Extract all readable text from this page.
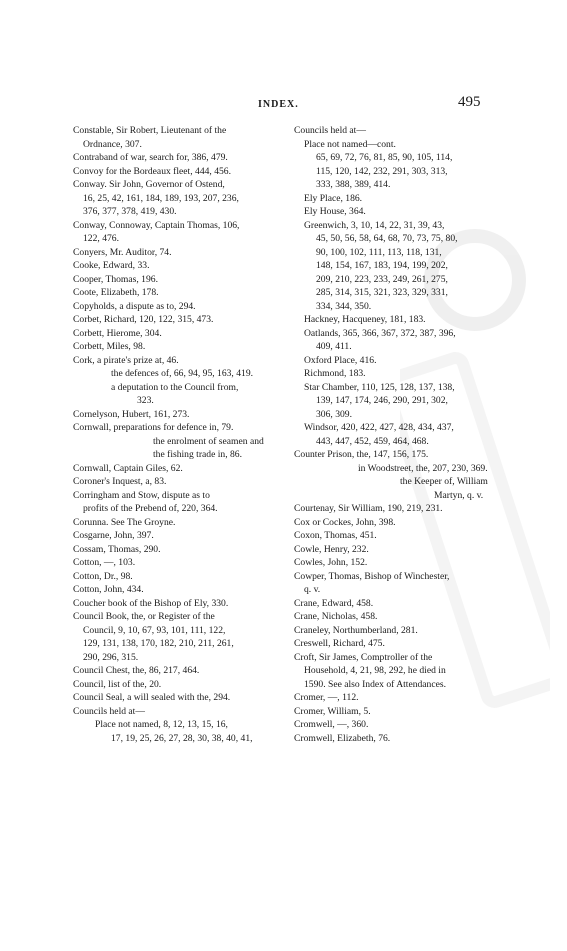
INDEX.	495
Constable, Sir Robert, Lieutenant of the
Ordnance, 307.
Contraband of war, search for, 386, 479.
Convoy for the Bordeaux fleet, 444, 456.
Conway. Sir John, Governor of Ostend,
16, 25, 42, 161, 184, 189, 193, 207, 236,
376, 377, 378, 419, 430.
Conway, Connoway, Captain Thomas, 106,
122, 476.
Conyers, Mr. Auditor, 74.
Cooke, Edward, 33.
Cooper, Thomas, 196.
Coote, Elizabeth, 178.
Copyholds, a dispute as to, 294.
Corbet, Richard, 120, 122, 315, 473.
Corbett, Hierome, 304.
Corbett, Miles, 98.
Cork, a pirate's prize at, 46.
the defences of, 66, 94, 95, 163, 419.
a deputation to the Council from,
323.
Cornelyson, Hubert, 161, 273.
Cornwall, preparations for defence in, 79.
the enrolment of seamen and
the fishing trade in, 86.
Cornwall, Captain Giles, 62.
Coroner's Inquest, a, 83.
Corringham and Stow, dispute as to
profits of the Prebend of, 220, 364.
Corunna. See The Groyne.
Cosgarne, John, 397.
Cossam, Thomas, 290.
Cotton, —, 103.
Cotton, Dr., 98.
Cotton, John, 434.
Coucher book of the Bishop of Ely, 330.
Council Book, the, or Register of the
Council, 9, 10, 67, 93, 101, 111, 122,
129, 131, 138, 170, 182, 210, 211, 261,
290, 296, 315.
Council Chest, the, 86, 217, 464.
Council, list of the, 20.
Council Seal, a will sealed with the, 294.
Councils held at—
Place not named, 8, 12, 13, 15, 16,
17, 19, 25, 26, 27, 28, 30, 38, 40, 41,
Councils held at—
Place not named—cont.
65, 69, 72, 76, 81, 85, 90, 105, 114,
115, 120, 142, 232, 291, 303, 313,
333, 388, 389, 414.
Ely Place, 186.
Ely House, 364.
Greenwich, 3, 10, 14, 22, 31, 39, 43,
45, 50, 56, 58, 64, 68, 70, 73, 75, 80,
90, 100, 102, 111, 113, 118, 131,
148, 154, 167, 183, 194, 199, 202,
209, 210, 223, 233, 249, 261, 275,
285, 314, 315, 321, 323, 329, 331,
334, 344, 350.
Hackney, Hacqueney, 181, 183.
Oatlands, 365, 366, 367, 372, 387, 396,
409, 411.
Oxford Place, 416.
Richmond, 183.
Star Chamber, 110, 125, 128, 137, 138,
139, 147, 174, 246, 290, 291, 302,
306, 309.
Windsor, 420, 422, 427, 428, 434, 437,
443, 447, 452, 459, 464, 468.
Counter Prison, the, 147, 156, 175.
in Woodstreet, the, 207, 230, 369.
the Keeper of, William
Martyn, q. v.
Courtenay, Sir William, 190, 219, 231.
Cox or Cockes, John, 398.
Coxon, Thomas, 451.
Cowle, Henry, 232.
Cowles, John, 152.
Cowper, Thomas, Bishop of Winchester,
q. v.
Crane, Edward, 458.
Crane, Nicholas, 458.
Craneley, Northumberland, 281.
Creswell, Richard, 475.
Croft, Sir James, Comptroller of the
Household, 4, 21, 98, 292, he died in
1590. See also Index of Attendances.
Cromer, —, 112.
Cromer, William, 5.
Cromwell, —, 360.
Cromwell, Elizabeth, 76.
